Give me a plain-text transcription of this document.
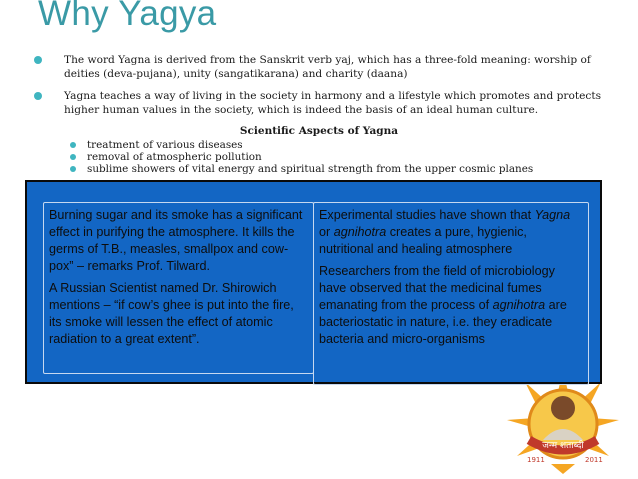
Why Yagya
The word Yagna is derived from the Sanskrit verb yaj, which has a three-fold meaning: worship of deities (deva-pujana), unity (sangatikarana) and charity (daana)
Yagna teaches a way of living in the society in harmony and a lifestyle which promotes and protects higher human values in the society, which is indeed the basis of an ideal human culture.
Scientific Aspects of Yagna
treatment of various diseases
removal of atmospheric pollution
sublime showers of vital energy and spiritual strength from the upper cosmic planes
जन्म शताब्दी
1911	2011

Burning sugar and its smoke has a significant effect in purifying the atmosphere. It kills the germs of T.B., measles, smallpox and cow-pox” – remarks Prof. Tilward.

A Russian Scientist named Dr. Shirowich mentions – “if cow’s ghee is put into the fire, its smoke will lessen the effect of atomic radiation to a great extent”.

Experimental studies have shown that Yagna or agnihotra creates a pure, hygienic, nutritional and healing atmosphere

Researchers from the field of microbiology have observed that the medicinal fumes emanating from the process of agnihotra are bacteriostatic in nature, i.e. they eradicate bacteria and micro-organisms
